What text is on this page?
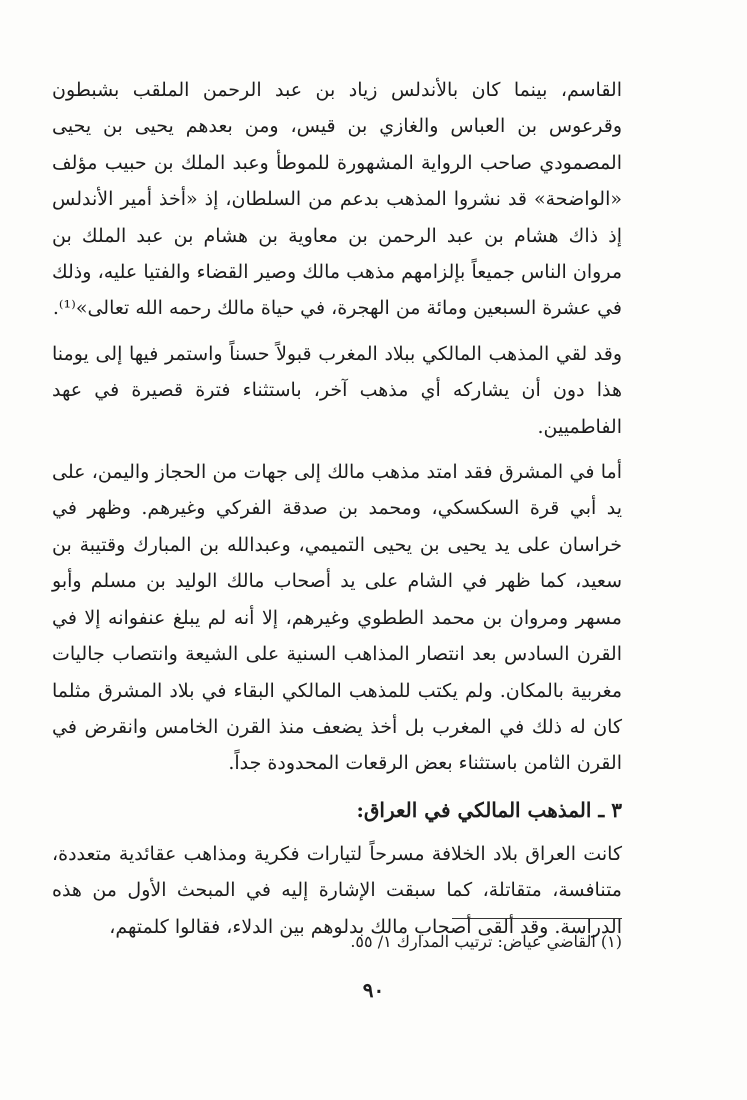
القاسم، بينما كان بالأندلس زياد بن عبد الرحمن الملقب بشبطون وقرعوس بن العباس والغازي بن قيس، ومن بعدهم يحيى بن يحيى المصمودي صاحب الرواية المشهورة للموطأ وعبد الملك بن حبيب مؤلف «الواضحة» قد نشروا المذهب بدعم من السلطان، إذ «أخذ أمير الأندلس إذ ذاك هشام بن عبد الرحمن بن معاوية بن هشام بن عبد الملك بن مروان الناس جميعاً بإلزامهم مذهب مالك وصير القضاء والفتيا عليه، وذلك في عشرة السبعين ومائة من الهجرة، في حياة مالك رحمه الله تعالى»⁽¹⁾.

وقد لقي المذهب المالكي ببلاد المغرب قبولاً حسناً واستمر فيها إلى يومنا هذا دون أن يشاركه أي مذهب آخر، باستثناء فترة قصيرة في عهد الفاطميين.

أما في المشرق فقد امتد مذهب مالك إلى جهات من الحجاز واليمن، على يد أبي قرة السكسكي، ومحمد بن صدقة الفركي وغيرهم. وظهر في خراسان على يد يحيى بن يحيى التميمي، وعبدالله بن المبارك وقتيبة بن سعيد، كما ظهر في الشام على يد أصحاب مالك الوليد بن مسلم وأبو مسهر ومروان بن محمد الططوي وغيرهم، إلا أنه لم يبلغ عنفوانه إلا في القرن السادس بعد انتصار المذاهب السنية على الشيعة وانتصاب جاليات مغربية بالمكان. ولم يكتب للمذهب المالكي البقاء في بلاد المشرق مثلما كان له ذلك في المغرب بل أخذ يضعف منذ القرن الخامس وانقرض في القرن الثامن باستثناء بعض الرقعات المحدودة جداً.

٣ ـ المذهب المالكي في العراق:

كانت العراق بلاد الخلافة مسرحاً لتيارات فكرية ومذاهب عقائدية متعددة، متنافسة، متقاتلة، كما سبقت الإشارة إليه في المبحث الأول من هذه الدراسة. وقد ألقى أصحاب مالك بدلوهم بين الدلاء، فقالوا كلمتهم،

(١) القاضي عياض: ترتيب المدارك ١/ ٥٥.
٩٠
